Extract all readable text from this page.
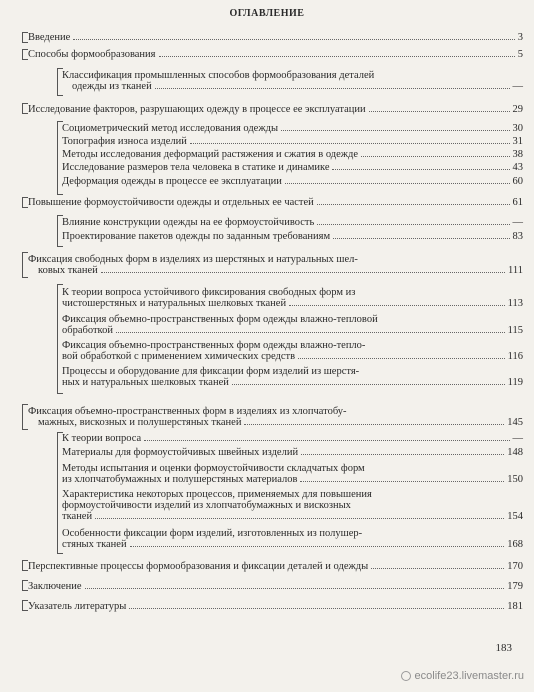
ОГЛАВЛЕНИЕ
Введение	3
Способы формообразования	5
Классификация промышленных способов формообразования деталей
одежды из тканей	—
Исследование факторов, разрушающих одежду в процессе ее эксплуатации	29
Социометрический метод исследования одежды	30
Топография износа изделий	31
Методы исследования деформаций растяжения и сжатия в одежде	38
Исследование размеров тела человека в статике и динамике	43
Деформация одежды в процессе ее эксплуатации	60
Повышение формоустойчивости одежды и отдельных ее частей	61
Влияние конструкции одежды на ее формоустойчивость	—
Проектирование пакетов одежды по заданным требованиям	83
Фиксация свободных форм в изделиях из шерстяных и натуральных шел-
ковых тканей	111
К теории вопроса устойчивого фиксирования свободных форм из
чистошерстяных и натуральных шелковых тканей	113
Фиксация объемно-пространственных форм одежды влажно-тепловой
обработкой	115
Фиксация объемно-пространственных форм одежды влажно-тепло-
вой обработкой с применением химических средств	116
Процессы и оборудование для фиксации форм изделий из шерстя-
ных и натуральных шелковых тканей	119
Фиксация объемно-пространственных форм в изделиях из хлопчатобу-
мажных, вискозных и полушерстяных тканей	145
К теории вопроса	—
Материалы для формоустойчивых швейных изделий	148
Методы испытания и оценки формоустойчивости складчатых форм
из хлопчатобумажных и полушерстяных материалов	150
Характеристика некоторых процессов, применяемых для повышения
формоустойчивости изделий из хлопчатобумажных и вискозных
тканей	154
Особенности фиксации форм изделий, изготовленных из полушер-
стяных тканей	168
Перспективные процессы формообразования и фиксации деталей и одежды	170
Заключение	179
Указатель литературы	181
183
ecolife23.livemaster.ru
